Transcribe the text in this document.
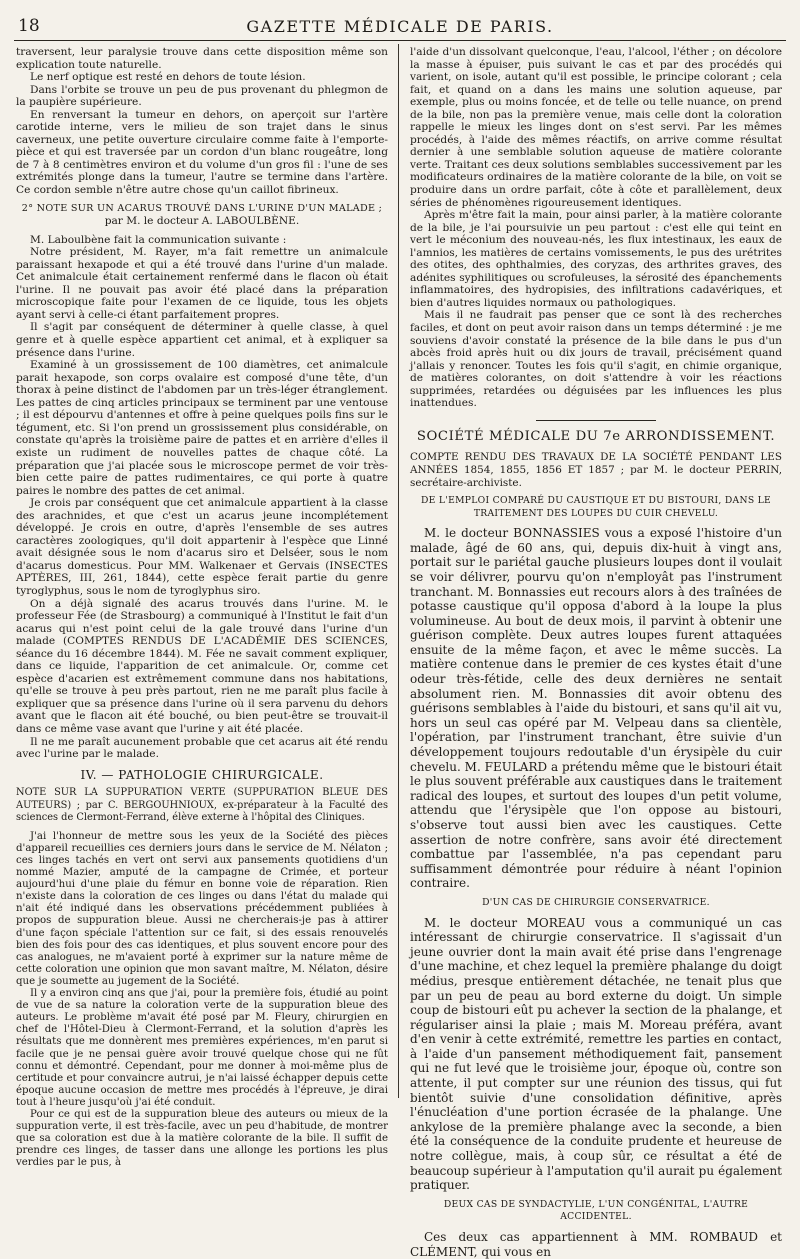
18	GAZETTE MÉDICALE DE PARIS.

traversent, leur paralysie trouve dans cette disposition même son explication toute naturelle.

Le nerf optique est resté en dehors de toute lésion.

Dans l'orbite se trouve un peu de pus provenant du phlegmon de la paupière supérieure.

En renversant la tumeur en dehors, on aperçoit sur l'artère carotide interne, vers le milieu de son trajet dans le sinus caverneux, une petite ouverture circulaire comme faite à l'emporte-pièce et qui est traversée par un cordon d'un blanc rougeâtre, long de 7 à 8 centimètres environ et du volume d'un gros fil : l'une de ses extrémités plonge dans la tumeur, l'autre se termine dans l'artère. Ce cordon semble n'être autre chose qu'un caillot fibrineux.

2° NOTE SUR UN ACARUS TROUVÉ DANS L'URINE D'UN MALADE ;

par M. le docteur A. LABOULBÈNE.

M. Laboulbène fait la communication suivante :

Notre président, M. Rayer, m'a fait remettre un animalcule paraissant hexapode et qui a été trouvé dans l'urine d'un malade. Cet animalcule était certainement renfermé dans le flacon où était l'urine. Il ne pouvait pas avoir été placé dans la préparation microscopique faite pour l'examen de ce liquide, tous les objets ayant servi à celle-ci étant parfaitement propres.

Il s'agit par conséquent de déterminer à quelle classe, à quel genre et à quelle espèce appartient cet animal, et à expliquer sa présence dans l'urine.

Examiné à un grossissement de 100 diamètres, cet animalcule parait hexapode, son corps ovalaire est composé d'une tête, d'un thorax à peine distinct de l'abdomen par un très-léger étranglement. Les pattes de cinq articles principaux se terminent par une ventouse ; il est dépourvu d'antennes et offre à peine quelques poils fins sur le tégument, etc. Si l'on prend un grossissement plus considérable, on constate qu'après la troisième paire de pattes et en arrière d'elles il existe un rudiment de nouvelles pattes de chaque côté. La préparation que j'ai placée sous le microscope permet de voir très-bien cette paire de pattes rudimentaires, ce qui porte à quatre paires le nombre des pattes de cet animal.

Je crois par conséquent que cet animalcule appartient à la classe des arachnides, et que c'est un acarus jeune incomplétement développé. Je crois en outre, d'après l'ensemble de ses autres caractères zoologiques, qu'il doit appartenir à l'espèce que Linné avait désignée sous le nom d'acarus siro et Delséer, sous le nom d'acarus domesticus. Pour MM. Walkenaer et Gervais (INSECTES APTÈRES, III, 261, 1844), cette espèce ferait partie du genre tyroglyphus, sous le nom de tyroglyphus siro.

On a déjà signalé des acarus trouvés dans l'urine. M. le professeur Fée (de Strasbourg) a communiqué à l'Institut le fait d'un acarus qui n'est point celui de la gale trouvé dans l'urine d'un malade (COMPTES RENDUS DE L'ACADÉMIE DES SCIENCES, séance du 16 décembre 1844). M. Fée ne savait comment expliquer, dans ce liquide, l'apparition de cet animalcule. Or, comme cet espèce d'acarien est extrêmement commune dans nos habitations, qu'elle se trouve à peu près partout, rien ne me paraît plus facile à expliquer que sa présence dans l'urine où il sera parvenu du dehors avant que le flacon ait été bouché, ou bien peut-être se trouvait-il dans ce même vase avant que l'urine y ait été placée.

Il ne me paraît aucunement probable que cet acarus ait été rendu avec l'urine par le malade.

IV. — PATHOLOGIE CHIRURGICALE.

NOTE SUR LA SUPPURATION VERTE (SUPPURATION BLEUE DES AUTEURS) ; par C. BERGOUHNIOUX, ex-préparateur à la Faculté des sciences de Clermont-Ferrand, élève externe à l'hôpital des Cliniques.

J'ai l'honneur de mettre sous les yeux de la Société des pièces d'appareil recueillies ces derniers jours dans le service de M. Nélaton ; ces linges tachés en vert ont servi aux pansements quotidiens d'un nommé Mazier, amputé de la campagne de Crimée, et porteur aujourd'hui d'une plaie du fémur en bonne voie de réparation. Rien n'existe dans la coloration de ces linges ou dans l'état du malade qui n'ait été indiqué dans les observations précédemment publiées à propos de suppuration bleue. Aussi ne chercherais-je pas à attirer d'une façon spéciale l'attention sur ce fait, si des essais renouvelés bien des fois pour des cas identiques, et plus souvent encore pour des cas analogues, ne m'avaient porté à exprimer sur la nature même de cette coloration une opinion que mon savant maître, M. Nélaton, désire que je soumette au jugement de la Société.

Il y a environ cinq ans que j'ai, pour la première fois, étudié au point de vue de sa nature la coloration verte de la suppuration bleue des auteurs. Le problème m'avait été posé par M. Fleury, chirurgien en chef de l'Hôtel-Dieu à Clermont-Ferrand, et la solution d'après les résultats que me donnèrent mes premières expériences, m'en parut si facile que je ne pensai guère avoir trouvé quelque chose qui ne fût connu et démontré. Cependant, pour me donner à moi-même plus de certitude et pour convaincre autrui, je n'ai laissé échapper depuis cette époque aucune occasion de mettre mes procédés à l'épreuve, je dirai tout à l'heure jusqu'où j'ai été conduit.

Pour ce qui est de la suppuration bleue des auteurs ou mieux de la suppuration verte, il est très-facile, avec un peu d'habitude, de montrer que sa coloration est due à la matière colorante de la bile. Il suffit de prendre ces linges, de tasser dans une allonge les portions les plus verdies par le pus, à

l'aide d'un dissolvant quelconque, l'eau, l'alcool, l'éther ; on décolore la masse à épuiser, puis suivant le cas et par des procédés qui varient, on isole, autant qu'il est possible, le principe colorant ; cela fait, et quand on a dans les mains une solution aqueuse, par exemple, plus ou moins foncée, et de telle ou telle nuance, on prend de la bile, non pas la première venue, mais celle dont la coloration rappelle le mieux les linges dont on s'est servi. Par les mêmes procédés, à l'aide des mêmes réactifs, on arrive comme résultat dernier à une semblable solution aqueuse de matière colorante verte. Traitant ces deux solutions semblables successivement par les modificateurs ordinaires de la matière colorante de la bile, on voit se produire dans un ordre parfait, côte à côte et parallèlement, deux séries de phénomènes rigoureusement identiques.

Après m'être fait la main, pour ainsi parler, à la matière colorante de la bile, je l'ai poursuivie un peu partout : c'est elle qui teint en vert le méconium des nouveau-nés, les flux intestinaux, les eaux de l'amnios, les matières de certains vomissements, le pus des urétrites des otites, des ophthalmies, des coryzas, des arthrites graves, des adénites syphilitiques ou scrofuleuses, la sérosité des épanchements inflammatoires, des hydropisies, des infiltrations cadavériques, et bien d'autres liquides normaux ou pathologiques.

Mais il ne faudrait pas penser que ce sont là des recherches faciles, et dont on peut avoir raison dans un temps déterminé : je me souviens d'avoir constaté la présence de la bile dans le pus d'un abcès froid après huit ou dix jours de travail, précisément quand j'allais y renoncer. Toutes les fois qu'il s'agit, en chimie organique, de matières colorantes, on doit s'attendre à voir les réactions supprimées, retardées ou déguisées par les influences les plus inattendues.

SOCIÉTÉ MÉDICALE DU 7e ARRONDISSEMENT.

COMPTE RENDU DES TRAVAUX DE LA SOCIÉTÉ PENDANT LES ANNÉES 1854, 1855, 1856 ET 1857 ; par M. le docteur PERRIN, secrétaire-archiviste.

DE L'EMPLOI COMPARÉ DU CAUSTIQUE ET DU BISTOURI, DANS LE TRAITEMENT DES LOUPES DU CUIR CHEVELU.

M. le docteur BONNASSIES vous a exposé l'histoire d'un malade, âgé de 60 ans, qui, depuis dix-huit à vingt ans, portait sur le pariétal gauche plusieurs loupes dont il voulait se voir délivrer, pourvu qu'on n'employât pas l'instrument tranchant. M. Bonnassies eut recours alors à des traînées de potasse caustique qu'il opposa d'abord à la loupe la plus volumineuse. Au bout de deux mois, il parvint à obtenir une guérison complète. Deux autres loupes furent attaquées ensuite de la même façon, et avec le même succès. La matière contenue dans le premier de ces kystes était d'une odeur très-fétide, celle des deux dernières ne sentait absolument rien. M. Bonnassies dit avoir obtenu des guérisons semblables à l'aide du bistouri, et sans qu'il ait vu, hors un seul cas opéré par M. Velpeau dans sa clientèle, l'opération, par l'instrument tranchant, être suivie d'un développement toujours redoutable d'un érysipèle du cuir chevelu. M. FEULARD a prétendu même que le bistouri était le plus souvent préférable aux caustiques dans le traitement radical des loupes, et surtout des loupes d'un petit volume, attendu que l'érysipèle que l'on oppose au bistouri, s'observe tout aussi bien avec les caustiques. Cette assertion de notre confrère, sans avoir été directement combattue par l'assemblée, n'a pas cependant paru suffisamment démontrée pour réduire à néant l'opinion contraire.

D'UN CAS DE CHIRURGIE CONSERVATRICE.

M. le docteur MOREAU vous a communiqué un cas intéressant de chirurgie conservatrice. Il s'agissait d'un jeune ouvrier dont la main avait été prise dans l'engrenage d'une machine, et chez lequel la première phalange du doigt médius, presque entièrement détachée, ne tenait plus que par un peu de peau au bord externe du doigt. Un simple coup de bistouri eût pu achever la section de la phalange, et régulariser ainsi la plaie ; mais M. Moreau préféra, avant d'en venir à cette extrémité, remettre les parties en contact, à l'aide d'un pansement méthodiquement fait, pansement qui ne fut levé que le troisième jour, époque où, contre son attente, il put compter sur une réunion des tissus, qui fut bientôt suivie d'une consolidation définitive, après l'énucléation d'une portion écrasée de la phalange. Une ankylose de la première phalange avec la seconde, a bien été la conséquence de la conduite prudente et heureuse de notre collègue, mais, à coup sûr, ce résultat a été de beaucoup supérieur à l'amputation qu'il aurait pu également pratiquer.

DEUX CAS DE SYNDACTYLIE, L'UN CONGÉNITAL, L'AUTRE ACCIDENTEL.

Ces deux cas appartiennent à MM. ROMBAUD et CLÉMENT, qui vous en
